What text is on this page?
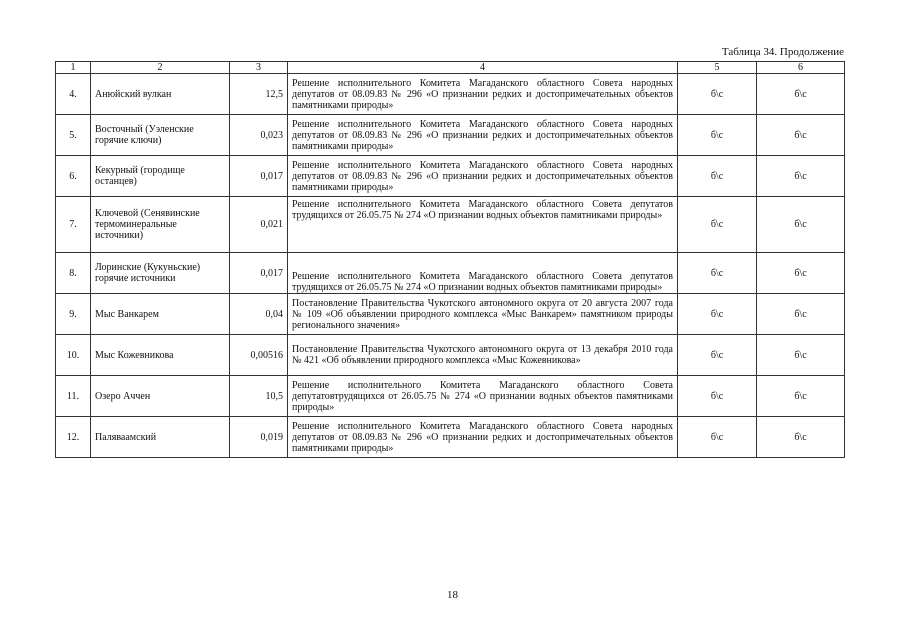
Таблица 34. Продолжение
1	2	3	4	5	6
4.	Анюйский вулкан	12,5	Решение исполнительного Комитета Магаданского областного Совета народных депутатов от 08.09.83 № 296 «О признании редких и достопримечательных объектов памятниками природы»	б\с	б\с
5.	Восточный (Уэленские горячие ключи)	0,023	Решение исполнительного Комитета Магаданского областного Совета народных депутатов от 08.09.83 № 296 «О признании редких и достопримечательных объектов памятниками природы»	б\с	б\с
6.	Кекурный (городище останцев)	0,017	Решение исполнительного Комитета Магаданского областного Совета народных депутатов от 08.09.83 № 296 «О признании редких и достопримечательных объектов памятниками природы»	б\с	б\с
7.	Ключевой (Сенявинские термоминеральные источники)	0,021	Решение исполнительного Комитета Магаданского областного Совета депутатов трудящихся от 26.05.75 № 274 «О признании водных объектов памятниками природы»	б\с	б\с
8.	Лоринские (Кукуньские) горячие источники	0,017	Решение исполнительного Комитета Магаданского областного Совета депутатов трудящихся от 26.05.75 № 274 «О признании водных объектов памятниками природы»	б\с	б\с
9.	Мыс Ванкарем	0,04	Постановление Правительства Чукотского автономного округа от 20 августа 2007 года № 109 «Об объявлении природного комплекса «Мыс Ванкарем» памятником природы регионального значения»	б\с	б\с
10.	Мыс Кожевникова	0,00516	Постановление Правительства Чукотского автономного округа от 13 декабря 2010 года № 421 «Об объявлении природного комплекса «Мыс Кожевникова»	б\с	б\с
11.	Озеро Аччен	10,5	Решение исполнительного Комитета Магаданского областного Совета депутатовтрудящихся от 26.05.75 № 274 «О признании водных объектов памятниками природы»	б\с	б\с
12.	Паляваамский	0,019	Решение исполнительного Комитета Магаданского областного Совета народных депутатов от 08.09.83 № 296 «О признании редких и достопримечательных объектов памятниками природы»	б\с	б\с
18
